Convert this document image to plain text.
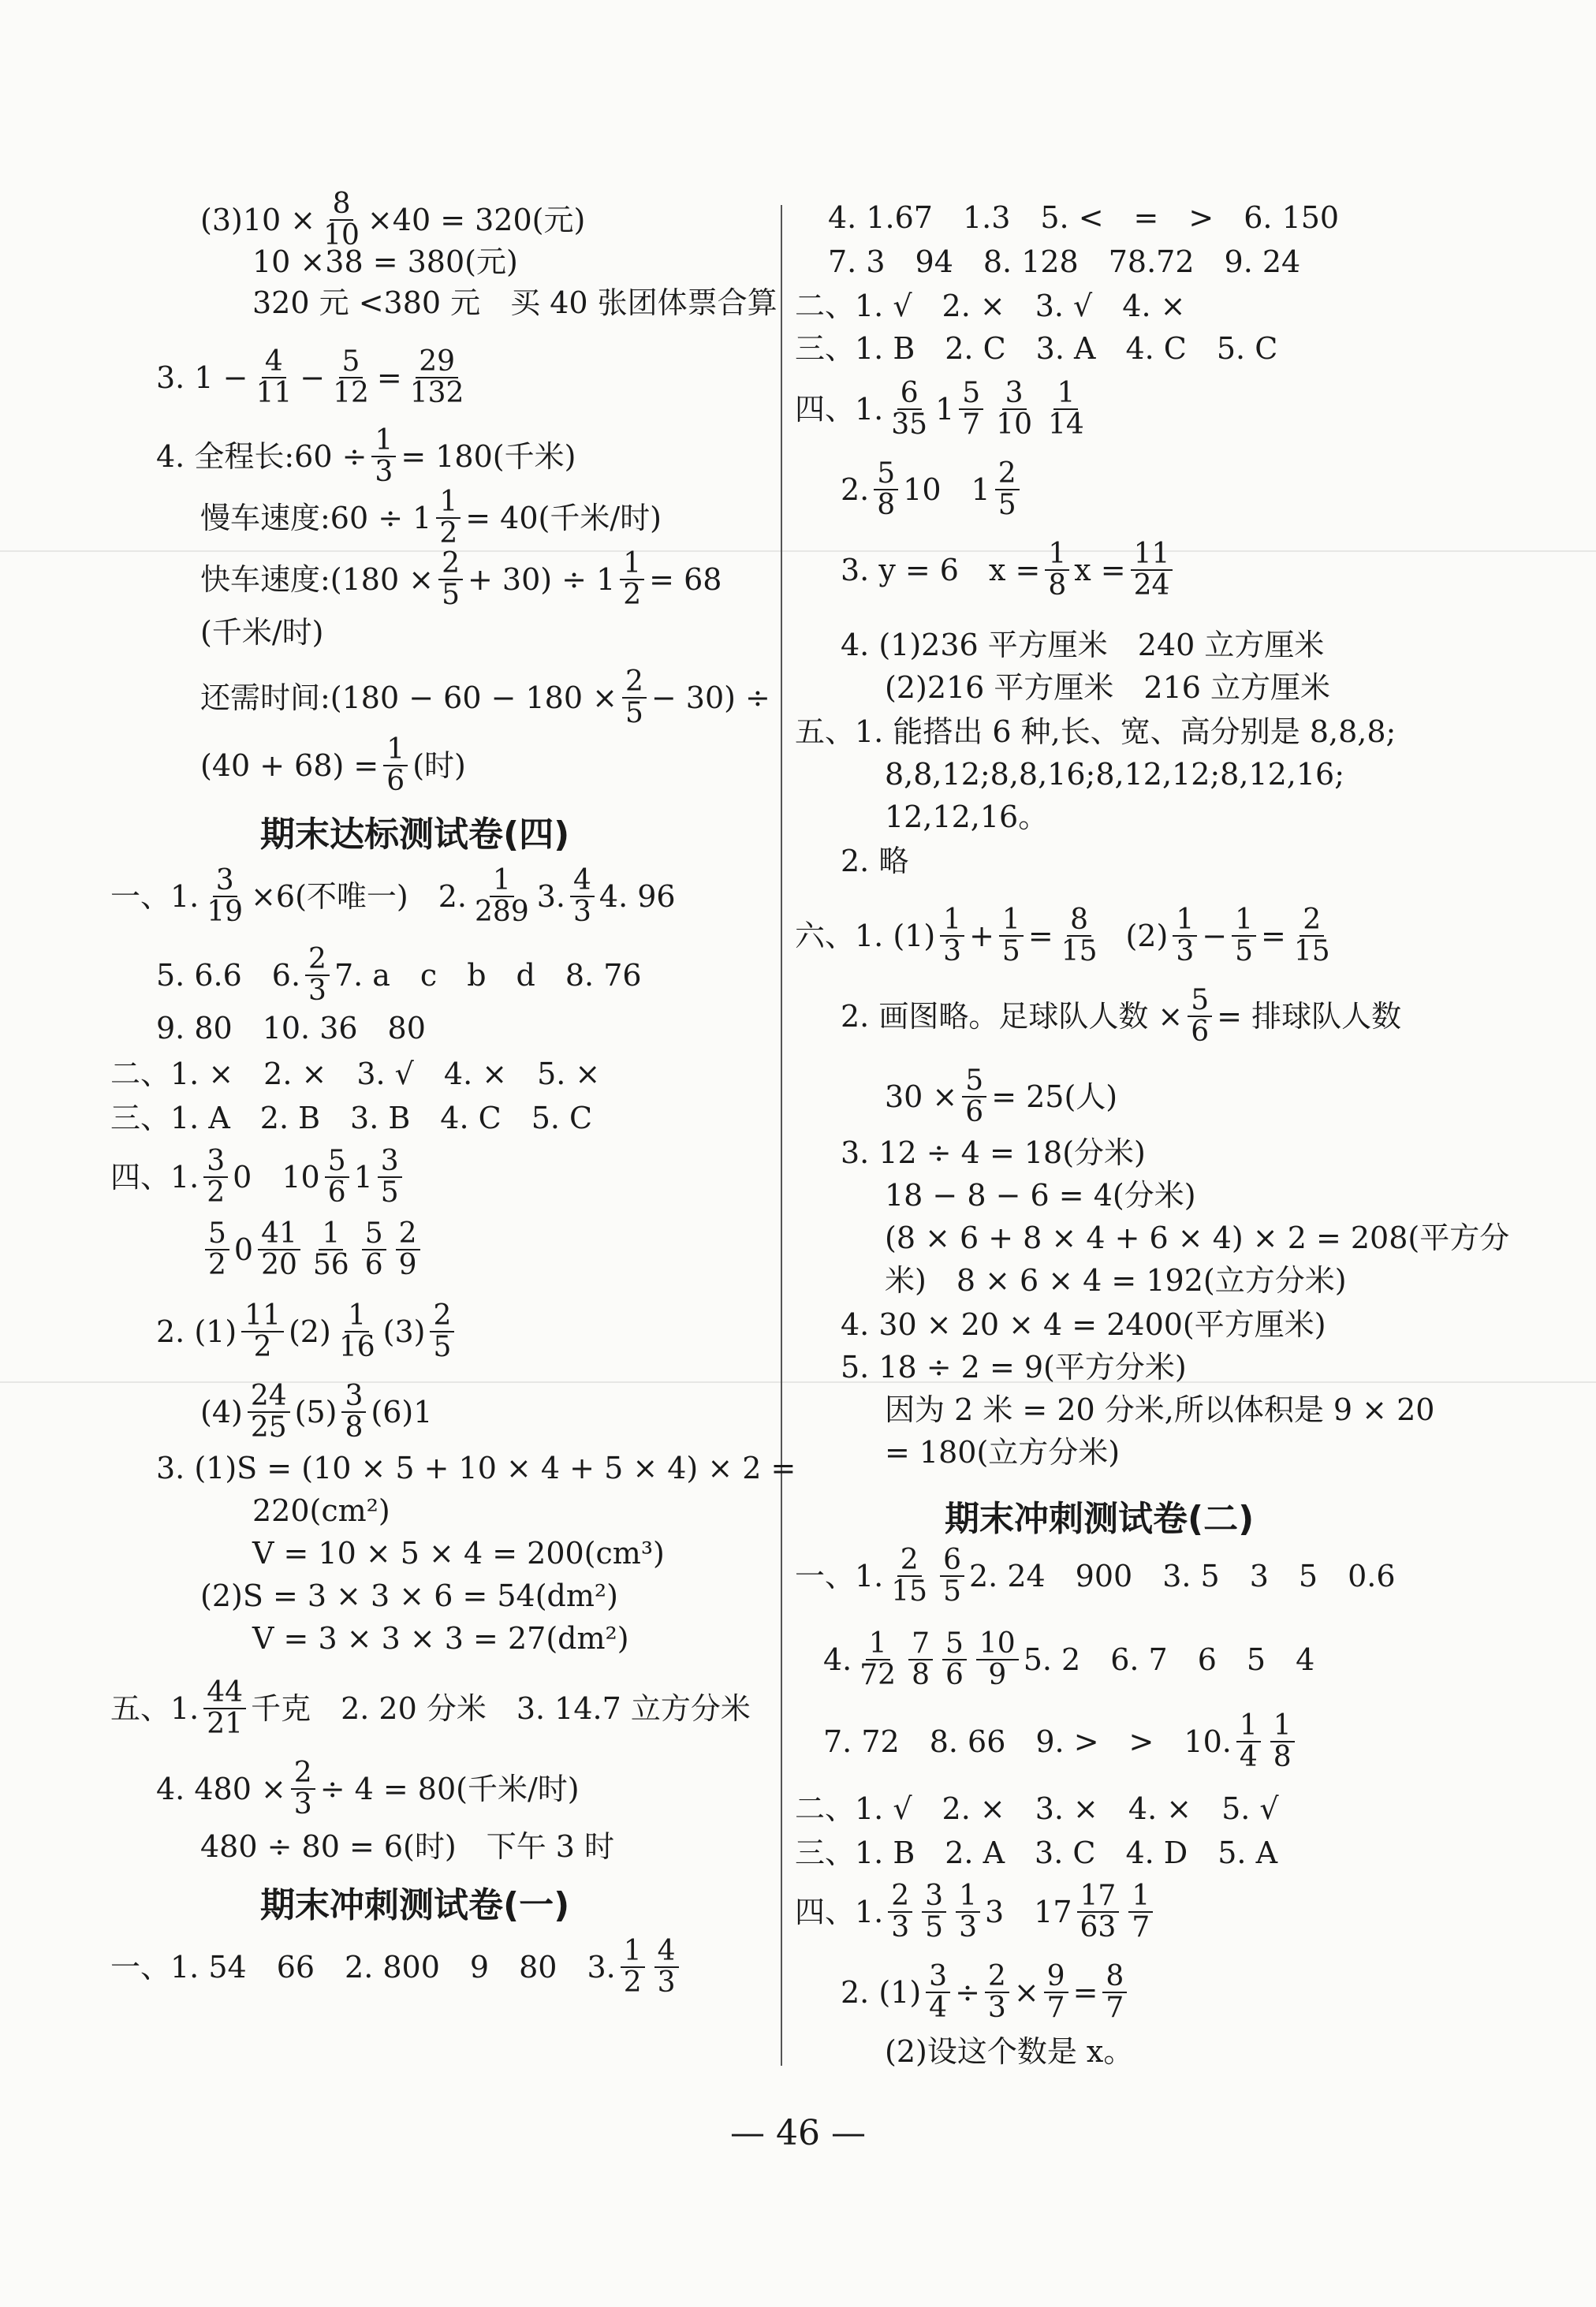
$(3)10 \times \frac{8}{10} \times 40 = 320$(元)
10 ×38 = 380(元)
320 元 <380 元　买 40 张团体票合算
3. $1 - \frac{4}{11} - \frac{5}{12} = \frac{29}{132}$
4. 全程长:60 ÷ $\frac{1}{3} = 180$(千米)
慢车速度:60 ÷ $1 \frac{1}{2} = 40$(千米/时)
快车速度:(180 × $\frac{2}{5} + 30) \div 1 \frac{1}{2} = 68$
(千米/时)
还需时间:(180 − $60 - 180 \times \frac{2}{5} - 30$) ÷
$(40 + 68) = \frac{1}{6}$ (时)
期末达标测试卷(四)
一、1. $\frac{3}{19} \times 6$(不唯一)　2. $\frac{1}{289} 3$. $\frac{4}{3} 4$. 96
5. 6.6　6. $\frac{2}{3} 7$. a　c　b　d　8. 76
9. 80　10. 36　80
二、1. ×　2. ×　3. √　4. ×　5. ×
三、1. A　2. B　3. B　4. C　5. C
四、1. $\frac{3}{2} 0$　$10 \frac{5}{6} 1 \frac{3}{5}$
$\frac{5}{2} 0 \frac{41}{20} \frac{1}{56} \frac{5}{6} \frac{2}{9}$
2. $(1) \frac{11}{2} (2) \frac{1}{16} (3) \frac{2}{5}$
$(4) \frac{24}{25} (5) \frac{3}{8} (6)1$
3. (1)S = (10 × 5 + 10 × 4 + 5 × 4) × 2 =
220(cm²)
V = 10 × 5 × 4 = 200(cm³)
(2)S = 3 × 3 × 6 = 54(dm²)
V = 3 × 3 × 3 = 27(dm²)
五、1. $\frac{44}{21}$ 千克　2. 20 分米　3. 14.7 立方分米
4. $480 \times \frac{2}{3} \div 4 = 80$(千米/时)
480 ÷ 80 = 6(时)　下午 3 时
期末冲刺测试卷(一)
一、1. 54　66　2. 800　9　80　3. $\frac{1}{2} \frac{4}{3}$
4. 1.67　1.3　5. <　=　>　6. 150
7. 3　94　8. 128　78.72　9. 24
二、1. √　2. ×　3. √　4. ×
三、1. B　2. C　3. A　4. C　5. C
四、1. $\frac{6}{35} 1 \frac{5}{7} \frac{3}{10} \frac{1}{14}$
2. $\frac{5}{8} 10$　$1 \frac{2}{5}$
3. y = 6　$x = \frac{1}{8}$ $x = \frac{11}{24}$
4. (1)236 平方厘米　240 立方厘米
(2)216 平方厘米　216 立方厘米
五、1. 能搭出 6 种,长、宽、高分别是 8,8,8;
8,8,12;8,8,16;8,12,12;8,12,16;
12,12,16。
2. 略
六、1. $(1) \frac{1}{3} + \frac{1}{5} = \frac{8}{15} (2) \frac{1}{3} - \frac{1}{5} = \frac{2}{15}$
2. 画图略。足球队人数 × $\frac{5}{6}$ = 排球队人数
$30 \times \frac{5}{6} = 25$(人)
3. 12 ÷ 4 = 18(分米)
18 − 8 − 6 = 4(分米)
(8 × 6 + 8 × 4 + 6 × 4) × 2 = 208(平方分
米)　8 × 6 × 4 = 192(立方分米)
4. 30 × 20 × 4 = 2400(平方厘米)
5. 18 ÷ 2 = 9(平方分米)
因为 2 米 = 20 分米,所以体积是 9 × 20
= 180(立方分米)
期末冲刺测试卷(二)
一、1. $\frac{2}{15} \frac{6}{5} 2$. 24　900　3. 5　3　5　0.6
4. $\frac{1}{72} \frac{7}{8} \frac{5}{6} \frac{10}{9} 5$. 2　6. 7　6　5　4
7. 72　8. 66　9. >　>　10. $\frac{1}{4} \frac{1}{8}$
二、1. √　2. ×　3. ×　4. ×　5. √
三、1. B　2. A　3. C　4. D　5. A
四、1. $\frac{2}{3} \frac{3}{5} \frac{1}{3} 3$　$17 \frac{17}{63} \frac{1}{7}$
2. $(1) \frac{3}{4} \div \frac{2}{3} \times \frac{9}{7} = \frac{8}{7}$
(2)设这个数是 x。
— 46 —
